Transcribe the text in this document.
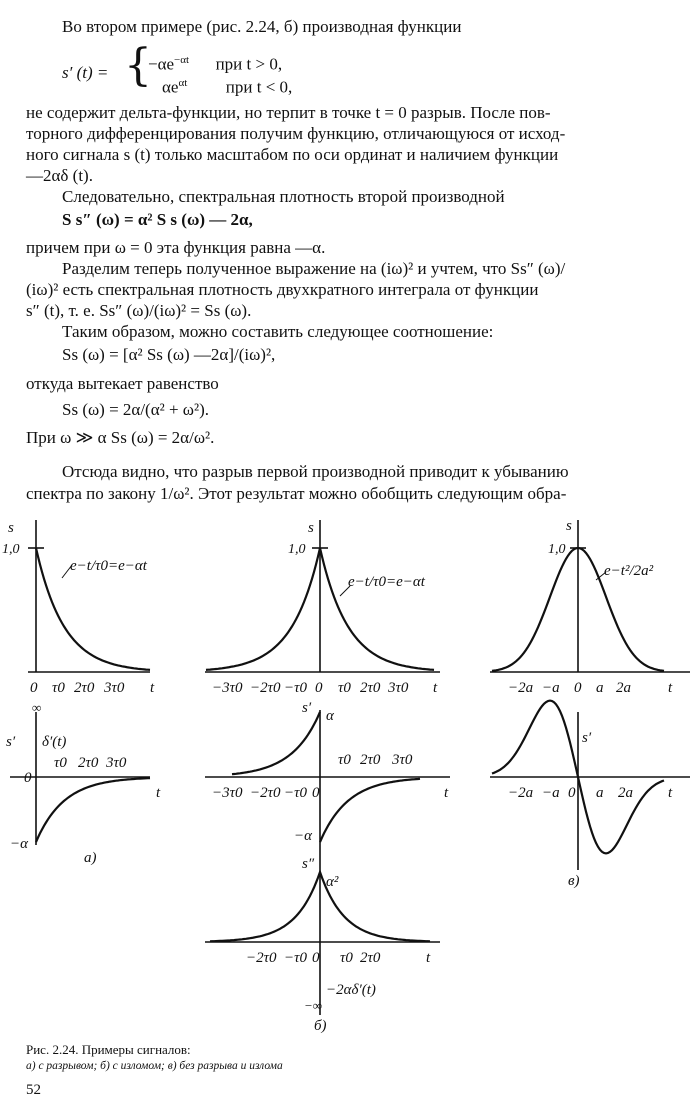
Во втором примере (рис. 2.24, б) производная функции
s′ (t) = {
$-\alpha e^{-\alpha t}$ при t > 0,
$\alpha e^{\alpha t}$ при t < 0,
не содержит дельта-функции, но терпит в точке t = 0 разрыв. После пов-
торного дифференцирования получим функцию, отличающуюся от исход-
ного сигнала s (t) только масштабом по оси ординат и наличием функции
—2αδ (t).
Следовательно, спектральная плотность второй производной
S s″ (ω) = α² S s (ω) — 2α,
причем при ω = 0 эта функция равна —α.
Разделим теперь полученное выражение на (iω)² и учтем, что Ss″ (ω)/
(iω)² есть спектральная плотность двухкратного интеграла от функции
s″ (t), т. е. Ss″ (ω)/(iω)² = Ss (ω).
Таким образом, можно составить следующее соотношение:
Ss (ω) = [α² Ss (ω) —2α]/(iω)²,
откуда вытекает равенство
Ss (ω) = 2α/(α² + ω²).
При ω ≫ α Ss (ω) = 2α/ω².
Отсюда видно, что разрыв первой производной приводит к убыванию
спектра по закону 1/ω². Этот результат можно обобщить следующим обра-
s
1,0
e−t/τ0=e−αt
0 τ0 2τ0 3τ0 t
s′
∞
δ′(t)
τ0 2τ0 3τ0
0
t
−α
а)
s
1,0
e−t/τ0=e−αt
−3τ0 −2τ0 −τ0 0 τ0 2τ0 3τ0 t
s′ α
τ0 2τ0 3τ0
−3τ0 −2τ0 −τ0 0	t
−α
s″
α²
−2τ0 −τ0 0 τ0 2τ0	t
−2αδ′(t)
−∞
б)
s
1,0
e−t²/2a²
−2a −a 0 a 2a t
s′
−2a −a 0 a 2a t
в)
Рис. 2.24. Примеры сигналов:
а) с разрывом; б) с изломом; в) без разрыва и излома
52
